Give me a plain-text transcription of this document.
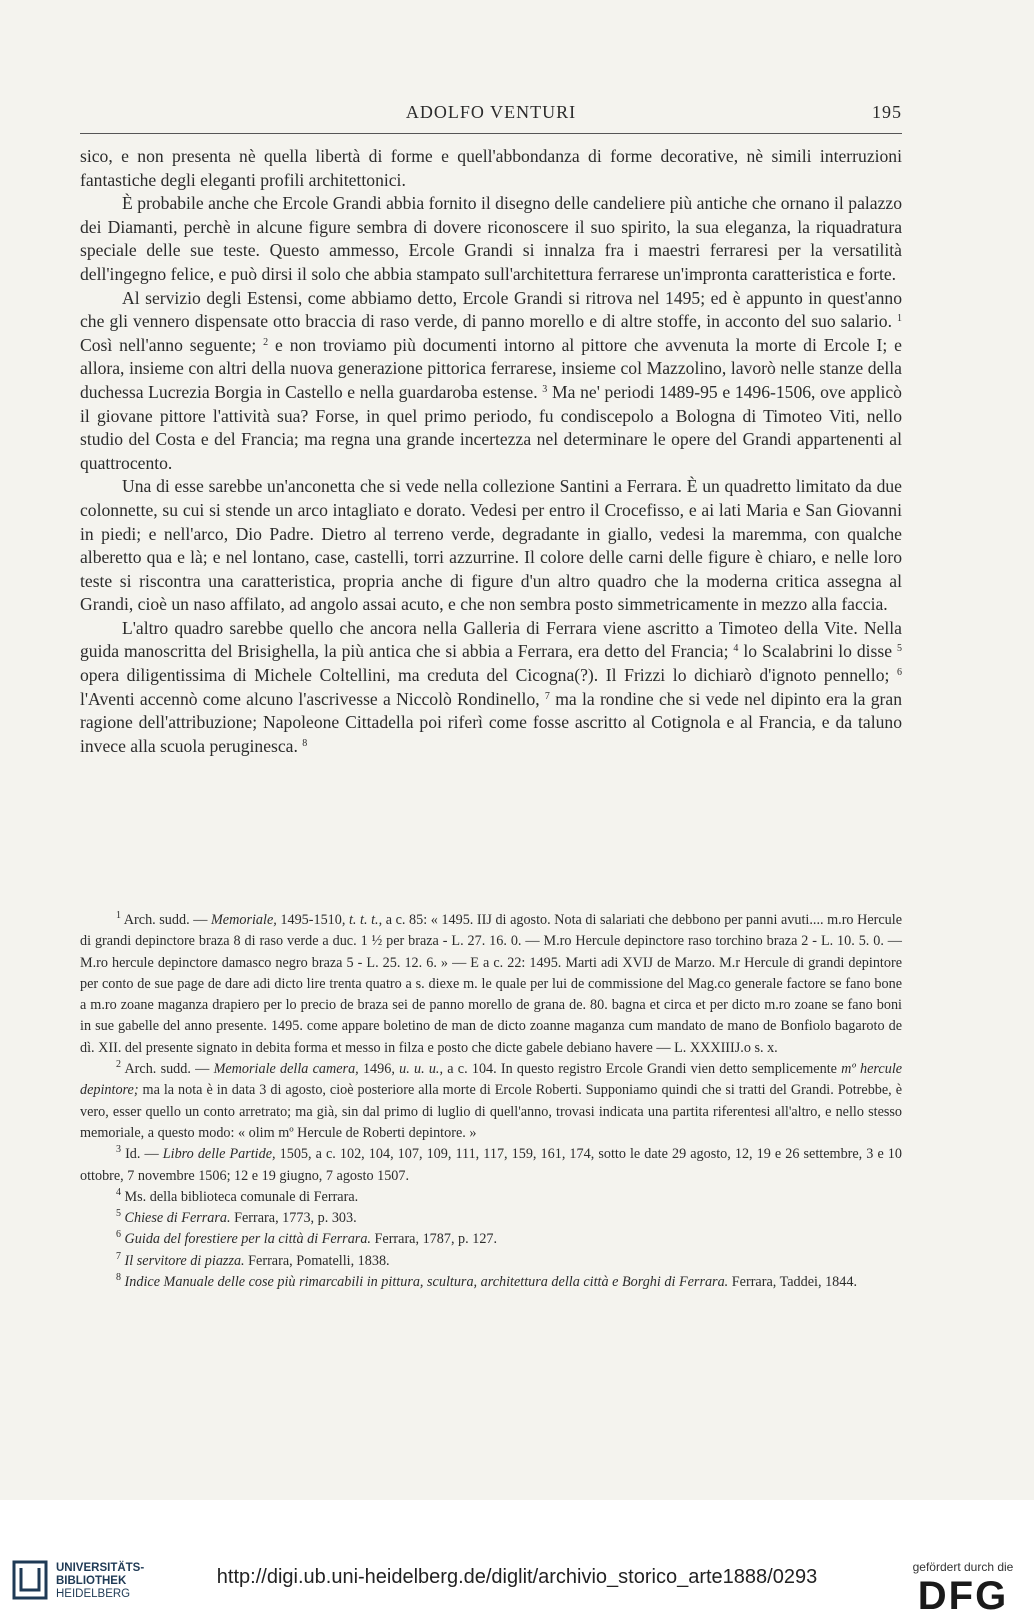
ADOLFO VENTURI	195

sico, e non presenta nè quella libertà di forme e quell'abbondanza di forme decorative, nè simili interruzioni fantastiche degli eleganti profili architettonici.

È probabile anche che Ercole Grandi abbia fornito il disegno delle candeliere più antiche che ornano il palazzo dei Diamanti, perchè in alcune figure sembra di dovere riconoscere il suo spirito, la sua eleganza, la riquadratura speciale delle sue teste. Questo ammesso, Ercole Grandi si innalza fra i maestri ferraresi per la versatilità dell'ingegno felice, e può dirsi il solo che abbia stampato sull'architettura ferrarese un'impronta caratteristica e forte.

Al servizio degli Estensi, come abbiamo detto, Ercole Grandi si ritrova nel 1495; ed è appunto in quest'anno che gli vennero dispensate otto braccia di raso verde, di panno morello e di altre stoffe, in acconto del suo salario. $^1$ Così nell'anno seguente; $^2$ e non troviamo più documenti intorno al pittore che avvenuta la morte di Ercole I; e allora, insieme con altri della nuova generazione pittorica ferrarese, insieme col Mazzolino, lavorò nelle stanze della duchessa Lucrezia Borgia in Castello e nella guardaroba estense. $^3$ Ma ne' periodi 1489-95 e 1496-1506, ove applicò il giovane pittore l'attività sua? Forse, in quel primo periodo, fu condiscepolo a Bologna di Timoteo Viti, nello studio del Costa e del Francia; ma regna una grande incertezza nel determinare le opere del Grandi appartenenti al quattrocento.

Una di esse sarebbe un'anconetta che si vede nella collezione Santini a Ferrara. È un quadretto limitato da due colonnette, su cui si stende un arco intagliato e dorato. Vedesi per entro il Crocefisso, e ai lati Maria e San Giovanni in piedi; e nell'arco, Dio Padre. Dietro al terreno verde, degradante in giallo, vedesi la maremma, con qualche alberetto qua e là; e nel lontano, case, castelli, torri azzurrine. Il colore delle carni delle figure è chiaro, e nelle loro teste si riscontra una caratteristica, propria anche di figure d'un altro quadro che la moderna critica assegna al Grandi, cioè un naso affilato, ad angolo assai acuto, e che non sembra posto simmetricamente in mezzo alla faccia.

L'altro quadro sarebbe quello che ancora nella Galleria di Ferrara viene ascritto a Timoteo della Vite. Nella guida manoscritta del Brisighella, la più antica che si abbia a Ferrara, era detto del Francia; $^4$ lo Scalabrini lo disse $^5$ opera diligentissima di Michele Coltellini, ma creduta del Cicogna(?). Il Frizzi lo dichiarò d'ignoto pennello; $^6$ l'Aventi accennò come alcuno l'ascrivesse a Niccolò Rondinello, $^7$ ma la rondine che si vede nel dipinto era la gran ragione dell'attribuzione; Napoleone Cittadella poi riferì come fosse ascritto al Cotignola e al Francia, e da taluno invece alla scuola peruginesca. $^8$

$^1$ Arch. sudd. — Memoriale, 1495-1510, t. t. t., a c. 85: « 1495. IIJ di agosto. Nota di salariati che debbono per panni avuti.... m.ro Hercule di grandi depinctore braza 8 di raso verde a duc. 1 ½ per braza - L. 27. 16. 0. — M.ro Hercule depinctore raso torchino braza 2 - L. 10. 5. 0. — M.ro hercule depinctore damasco negro braza 5 - L. 25. 12. 6. » — E a c. 22: 1495. Marti adi XVIJ de Marzo. M.r Hercule di grandi depintore per conto de sue page de dare adi dicto lire trenta quatro a s. diexe m. le quale per lui de commissione del Mag.co generale factore se fano bone a m.ro zoane maganza drapiero per lo precio de braza sei de panno morello de grana de. 80. bagna et circa et per dicto m.ro zoane se fano boni in sue gabelle del anno presente. 1495. come appare boletino de man de dicto zoanne maganza cum mandato de mano de Bonfiolo bagaroto de dì. XII. del presente signato in debita forma et messo in filza e posto che dicte gabele debiano havere — L. XXXIIIJ.o s. x.

$^2$ Arch. sudd. — Memoriale della camera, 1496, u. u. u., a c. 104. In questo registro Ercole Grandi vien detto semplicemente mº hercule depintore; ma la nota è in data 3 di agosto, cioè posteriore alla morte di Ercole Roberti. Supponiamo quindi che si tratti del Grandi. Potrebbe, è vero, esser quello un conto arretrato; ma già, sin dal primo di luglio di quell'anno, trovasi indicata una partita riferentesi all'altro, e nello stesso memoriale, a questo modo: « olim mº Hercule de Roberti depintore. »

$^3$ Id. — Libro delle Partide, 1505, a c. 102, 104, 107, 109, 111, 117, 159, 161, 174, sotto le date 29 agosto, 12, 19 e 26 settembre, 3 e 10 ottobre, 7 novembre 1506; 12 e 19 giugno, 7 agosto 1507.

$^4$ Ms. della biblioteca comunale di Ferrara.

$^5$ Chiese di Ferrara. Ferrara, 1773, p. 303.

$^6$ Guida del forestiere per la città di Ferrara. Ferrara, 1787, p. 127.

$^7$ Il servitore di piazza. Ferrara, Pomatelli, 1838.

$^8$ Indice Manuale delle cose più rimarcabili in pittura, scultura, architettura della città e Borghi di Ferrara. Ferrara, Taddei, 1844.

UNIVERSITÄTS-
BIBLIOTHEK
HEIDELBERG
http://digi.ub.uni-heidelberg.de/diglit/archivio_storico_arte1888/0293	gefördert durch die
DFG
